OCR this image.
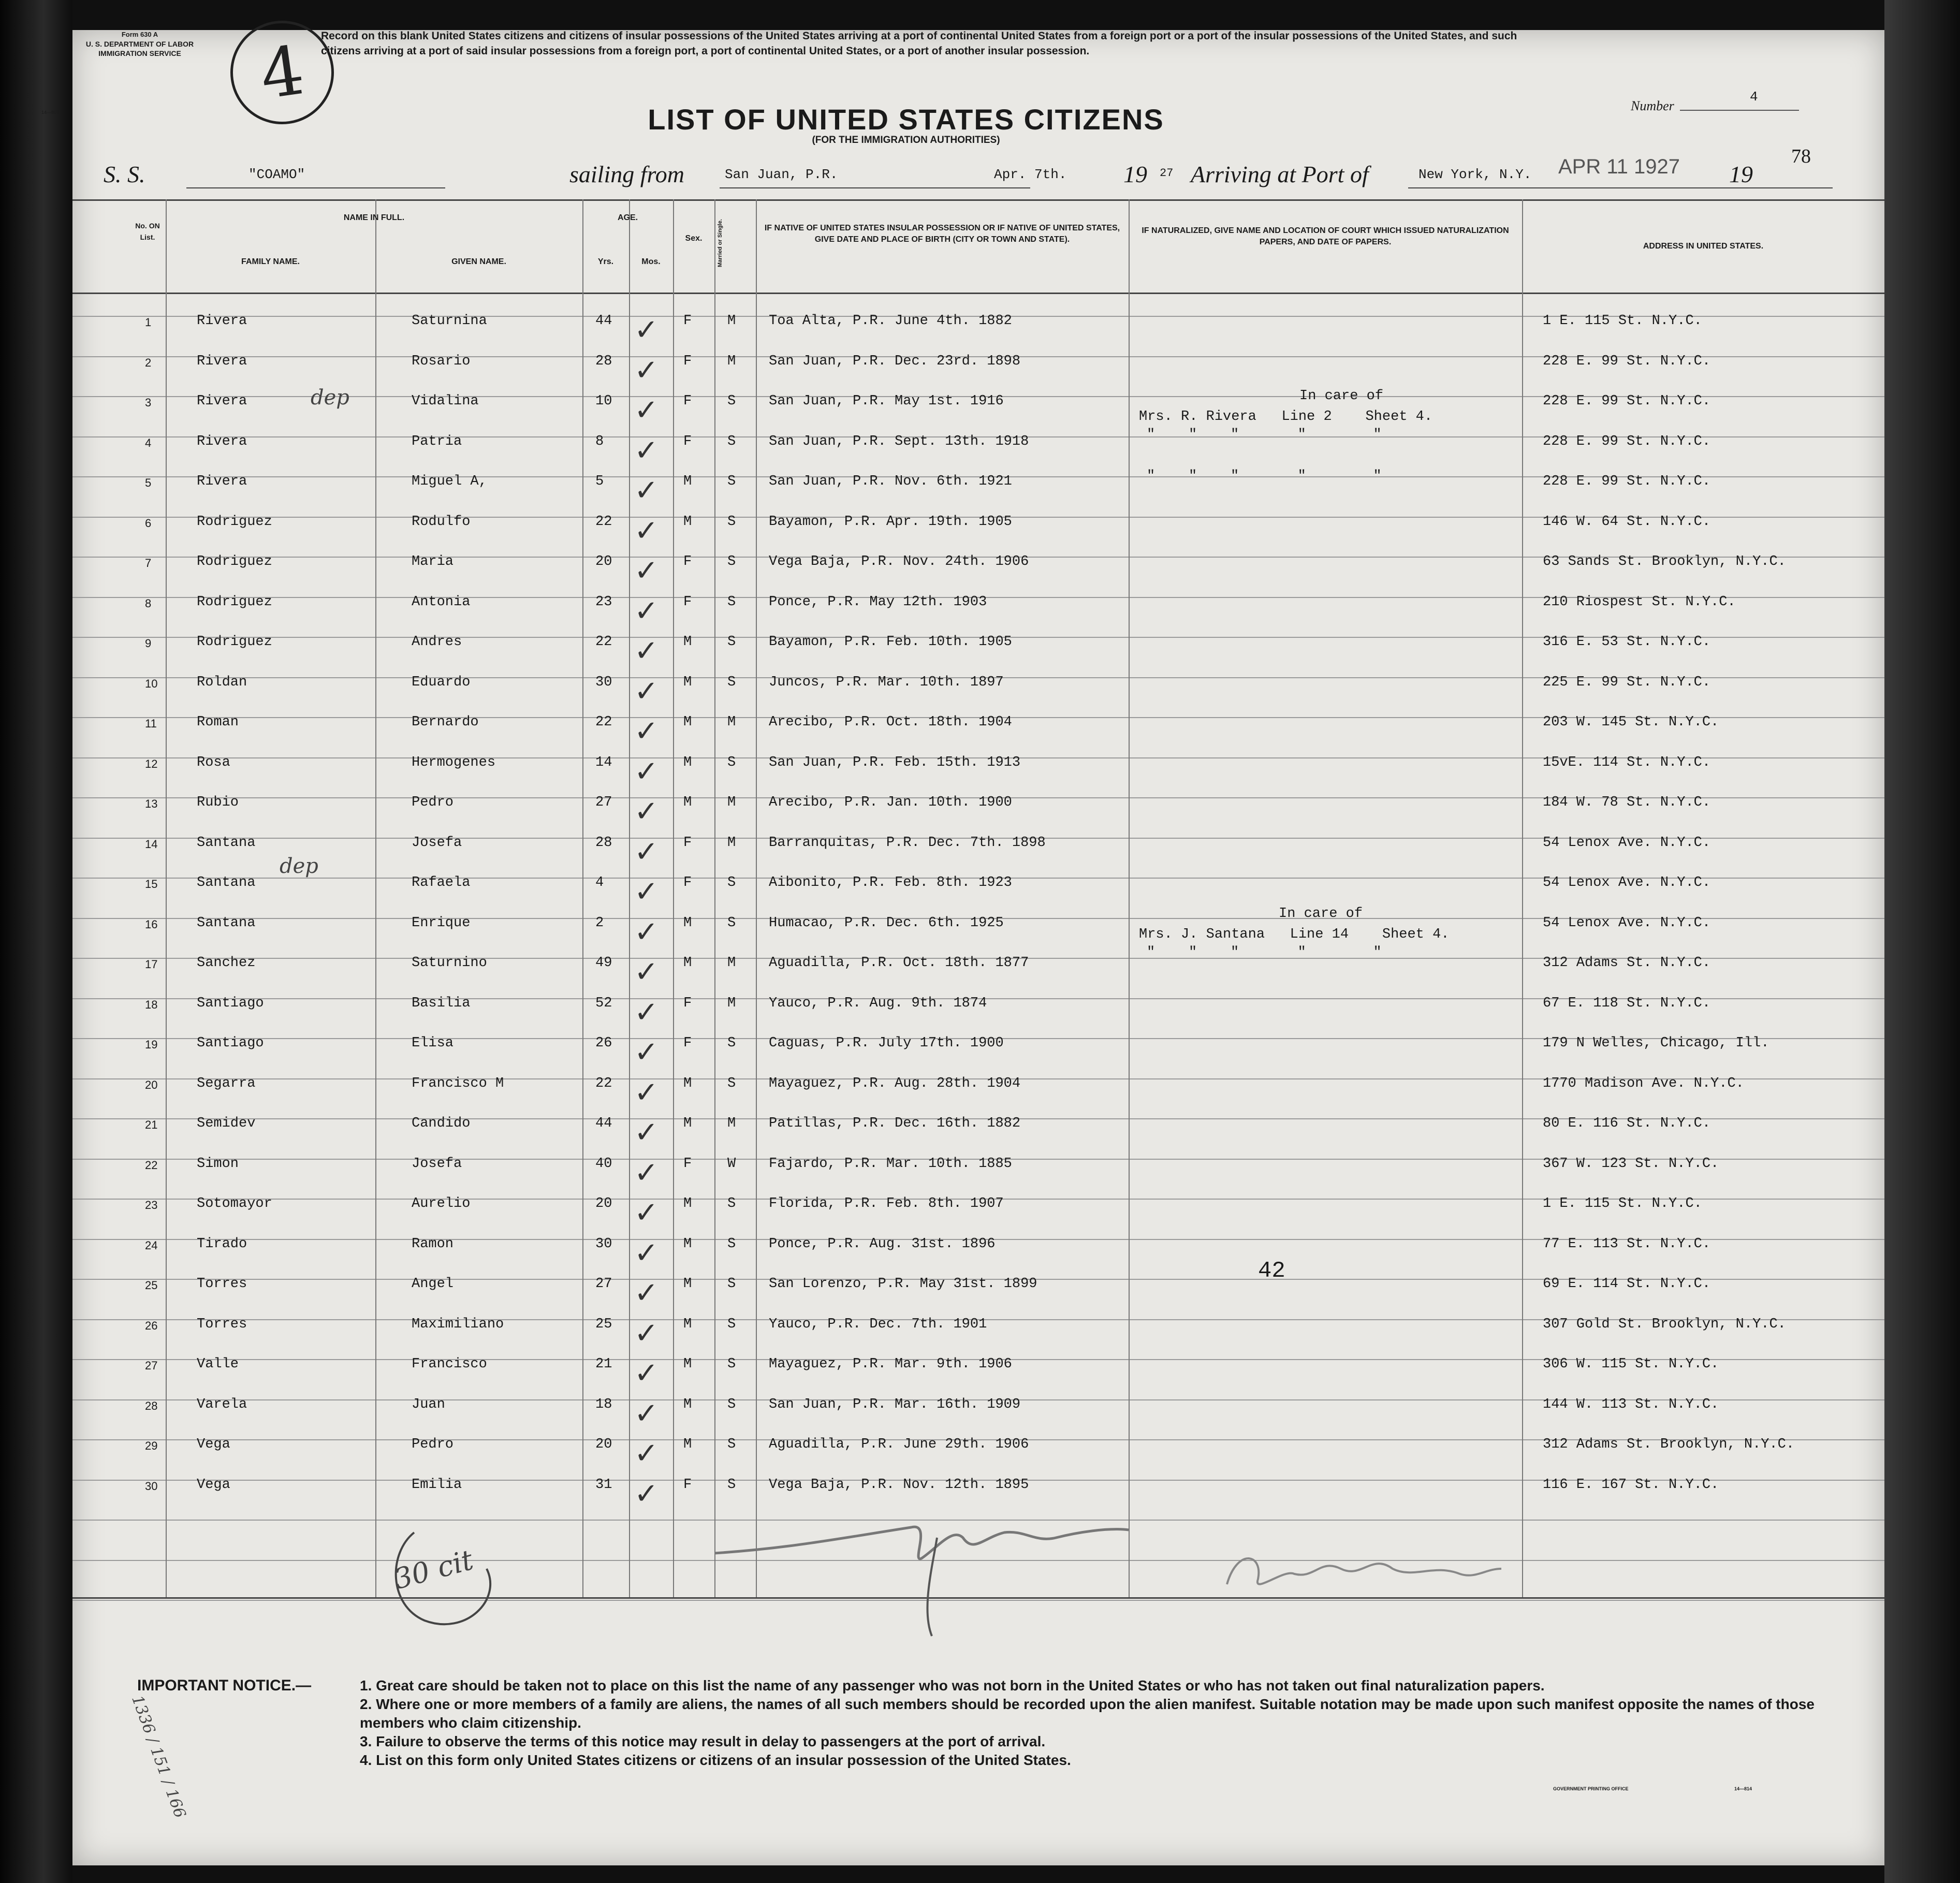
Form 630 A
U. S. DEPARTMENT OF LABOR
IMMIGRATION SERVICE
14—807	4	Record on this blank United States citizens and citizens of insular possessions of the United States arriving at a port of continental United States from a foreign port or a port of the insular possessions of the United States, and such citizens arriving at a port of said insular possessions from a foreign port, a port of continental United States, or a port of another insular possession.
LIST OF UNITED STATES CITIZENS
(FOR THE IMMIGRATION AUTHORITIES)
Number
4
S. S.	"COAMO"	sailing from	San Juan, P.R.	Apr. 7th. 19 27 Arriving at Port of	New York, N.Y. APR 11 1927 19
78
No. ON List.
NAME IN FULL.
FAMILY NAME.	GIVEN NAME.
AGE.
Yrs.	Mos.
Sex.	Married or Single.	IF NATIVE OF UNITED STATES INSULAR POSSESSION OR IF NATIVE OF UNITED STATES, GIVE DATE AND PLACE OF BIRTH (CITY OR TOWN AND STATE).
IF NATURALIZED, GIVE NAME AND LOCATION OF COURT WHICH ISSUED NATURALIZATION PAPERS, AND DATE OF PAPERS.	ADDRESS IN UNITED STATES.
✓
1	Rivera	Saturnina	44	F	M Toa Alta, P.R. June 4th. 1882	1 E. 115 St. N.Y.C.
✓
2	Rivera	Rosario	28	F	M San Juan, P.R. Dec. 23rd. 1898	228 E. 99 St. N.Y.C.
✓
3	Rivera	Vidalina	10	F	S San Juan, P.R. May 1st. 1916	228 E. 99 St. N.Y.C.
✓
4	Rivera	Patria	8	F	S San Juan, P.R. Sept. 13th. 1918	228 E. 99 St. N.Y.C.
✓
5	Rivera	Miguel A,	5	M	S San Juan, P.R. Nov. 6th. 1921	228 E. 99 St. N.Y.C.
✓
6	Rodriguez	Rodulfo	22	M	S Bayamon, P.R. Apr. 19th. 1905	146 W. 64 St. N.Y.C.
✓
7	Rodriguez	Maria	20	F	S Vega Baja, P.R. Nov. 24th. 1906	63 Sands St. Brooklyn, N.Y.C.
✓
8	Rodriguez	Antonia	23	F	S Ponce, P.R. May 12th. 1903	210 Riospest St. N.Y.C.
✓
9	Rodriguez	Andres	22	M	S Bayamon, P.R. Feb. 10th. 1905	316 E. 53 St. N.Y.C.
✓
10	Roldan	Eduardo	30	M	S Juncos, P.R. Mar. 10th. 1897	225 E. 99 St. N.Y.C.
✓
11	Roman	Bernardo	22	M	M Arecibo, P.R. Oct. 18th. 1904	203 W. 145 St. N.Y.C.
✓
12	Rosa	Hermogenes	14	M	S San Juan, P.R. Feb. 15th. 1913	15vE. 114 St. N.Y.C.
✓
13	Rubio	Pedro	27	M	M Arecibo, P.R. Jan. 10th. 1900	184 W. 78 St. N.Y.C.
✓
14	Santana	Josefa	28	F	M Barranquitas, P.R. Dec. 7th. 1898	54 Lenox Ave. N.Y.C.
✓
15	Santana	Rafaela	4	F	S Aibonito, P.R. Feb. 8th. 1923	54 Lenox Ave. N.Y.C.
✓
16	Santana	Enrique	2	M	S Humacao, P.R. Dec. 6th. 1925	54 Lenox Ave. N.Y.C.
✓
17	Sanchez	Saturnino	49	M	M Aguadilla, P.R. Oct. 18th. 1877	312 Adams St. N.Y.C.
✓
18	Santiago	Basilia	52	F	M Yauco, P.R. Aug. 9th. 1874	67 E. 118 St. N.Y.C.
✓
19	Santiago	Elisa	26	F	S Caguas, P.R. July 17th. 1900	179 N Welles, Chicago, Ill.
✓
20	Segarra	Francisco M	22	M	S Mayaguez, P.R. Aug. 28th. 1904	1770 Madison Ave. N.Y.C.
✓
21	Semidev	Candido	44	M	M Patillas, P.R. Dec. 16th. 1882	80 E. 116 St. N.Y.C.
✓
22	Simon	Josefa	40	F	W Fajardo, P.R. Mar. 10th. 1885	367 W. 123 St. N.Y.C.
✓
23	Sotomayor	Aurelio	20	M	S Florida, P.R. Feb. 8th. 1907	1 E. 115 St. N.Y.C.
✓
24	Tirado	Ramon	30	M	S Ponce, P.R. Aug. 31st. 1896	77 E. 113 St. N.Y.C.
✓
25	Torres	Angel	27	M	S San Lorenzo, P.R. May 31st. 1899	69 E. 114 St. N.Y.C.
✓
26	Torres	Maximiliano	25	M	S Yauco, P.R. Dec. 7th. 1901	307 Gold St. Brooklyn, N.Y.C.
✓
27	Valle	Francisco	21	M	S Mayaguez, P.R. Mar. 9th. 1906	306 W. 115 St. N.Y.C.
✓
28	Varela	Juan	18	M	S San Juan, P.R. Mar. 16th. 1909	144 W. 113 St. N.Y.C.
✓
29	Vega	Pedro	20	M	S Aguadilla, P.R. June 29th. 1906	312 Adams St. Brooklyn, N.Y.C.
✓
30	Vega	Emilia	31	F	S Vega Baja, P.R. Nov. 12th. 1895	116 E. 167 St. N.Y.C.
In care of
Mrs. R. Rivera   Line 2    Sheet 4.
"    "    "       "        "
"    "    "       "        "
In care of
Mrs. J. Santana   Line 14    Sheet 4.
"    "    "       "        "
42
30 cit
dep
dep
1336 / 151 / 166
IMPORTANT NOTICE.—	1. Great care should be taken not to place on this list the name of any passenger who was not born in the United States or who has not taken out final naturalization papers.
2. Where one or more members of a family are aliens, the names of all such members should be recorded upon the alien manifest. Suitable notation may be made upon such manifest opposite the names of those members who claim citizenship.
3. Failure to observe the terms of this notice may result in delay to passengers at the port of arrival.
4. List on this form only United States citizens or citizens of an insular possession of the United States.
GOVERNMENT PRINTING OFFICE	14—814
